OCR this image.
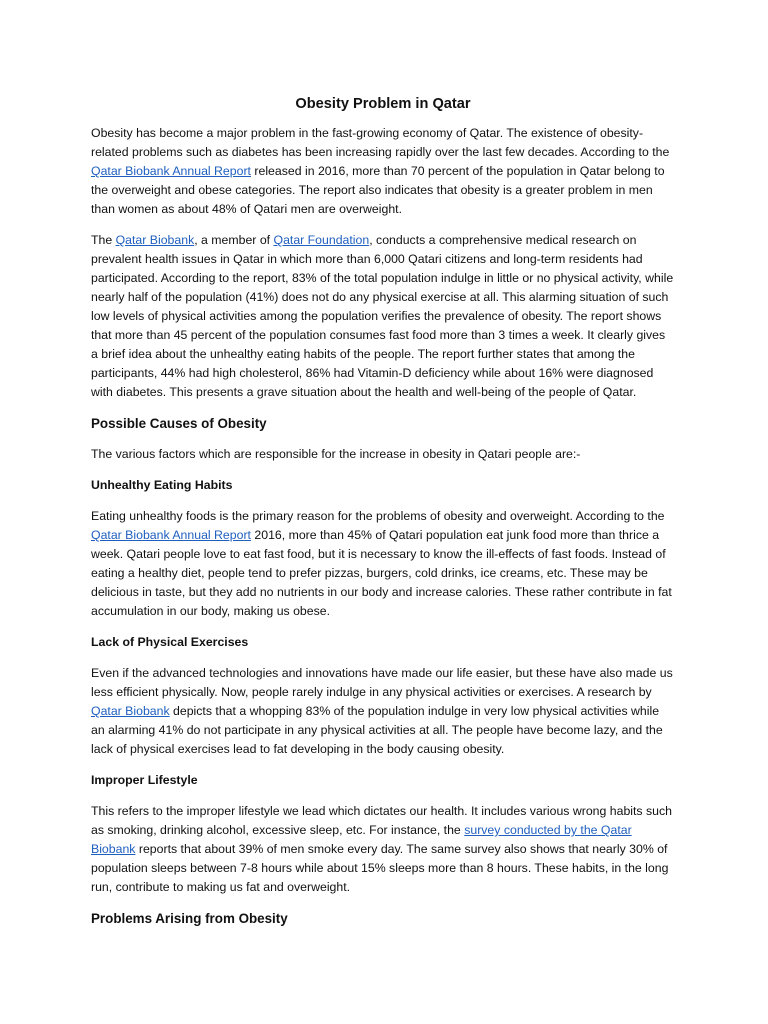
Obesity Problem in Qatar

Obesity has become a major problem in the fast-growing economy of Qatar. The existence of obesity-related problems such as diabetes has been increasing rapidly over the last few decades. According to the Qatar Biobank Annual Report released in 2016, more than 70 percent of the population in Qatar belong to the overweight and obese categories. The report also indicates that obesity is a greater problem in men than women as about 48% of Qatari men are overweight.

The Qatar Biobank, a member of Qatar Foundation, conducts a comprehensive medical research on prevalent health issues in Qatar in which more than 6,000 Qatari citizens and long-term residents had participated. According to the report, 83% of the total population indulge in little or no physical activity, while nearly half of the population (41%) does not do any physical exercise at all. This alarming situation of such low levels of physical activities among the population verifies the prevalence of obesity. The report shows that more than 45 percent of the population consumes fast food more than 3 times a week. It clearly gives a brief idea about the unhealthy eating habits of the people. The report further states that among the participants, 44% had high cholesterol, 86% had Vitamin-D deficiency while about 16% were diagnosed with diabetes. This presents a grave situation about the health and well-being of the people of Qatar.

Possible Causes of Obesity

The various factors which are responsible for the increase in obesity in Qatari people are:-

Unhealthy Eating Habits

Eating unhealthy foods is the primary reason for the problems of obesity and overweight. According to the Qatar Biobank Annual Report 2016, more than 45% of Qatari population eat junk food more than thrice a week. Qatari people love to eat fast food, but it is necessary to know the ill-effects of fast foods. Instead of eating a healthy diet, people tend to prefer pizzas, burgers, cold drinks, ice creams, etc. These may be delicious in taste, but they add no nutrients in our body and increase calories. These rather contribute in fat accumulation in our body, making us obese.

Lack of Physical Exercises

Even if the advanced technologies and innovations have made our life easier, but these have also made us less efficient physically. Now, people rarely indulge in any physical activities or exercises. A research by Qatar Biobank depicts that a whopping 83% of the population indulge in very low physical activities while an alarming 41% do not participate in any physical activities at all. The people have become lazy, and the lack of physical exercises lead to fat developing in the body causing obesity.

Improper Lifestyle

This refers to the improper lifestyle we lead which dictates our health. It includes various wrong habits such as smoking, drinking alcohol, excessive sleep, etc. For instance, the survey conducted by the Qatar Biobank reports that about 39% of men smoke every day. The same survey also shows that nearly 30% of population sleeps between 7-8 hours while about 15% sleeps more than 8 hours. These habits, in the long run, contribute to making us fat and overweight.

Problems Arising from Obesity
